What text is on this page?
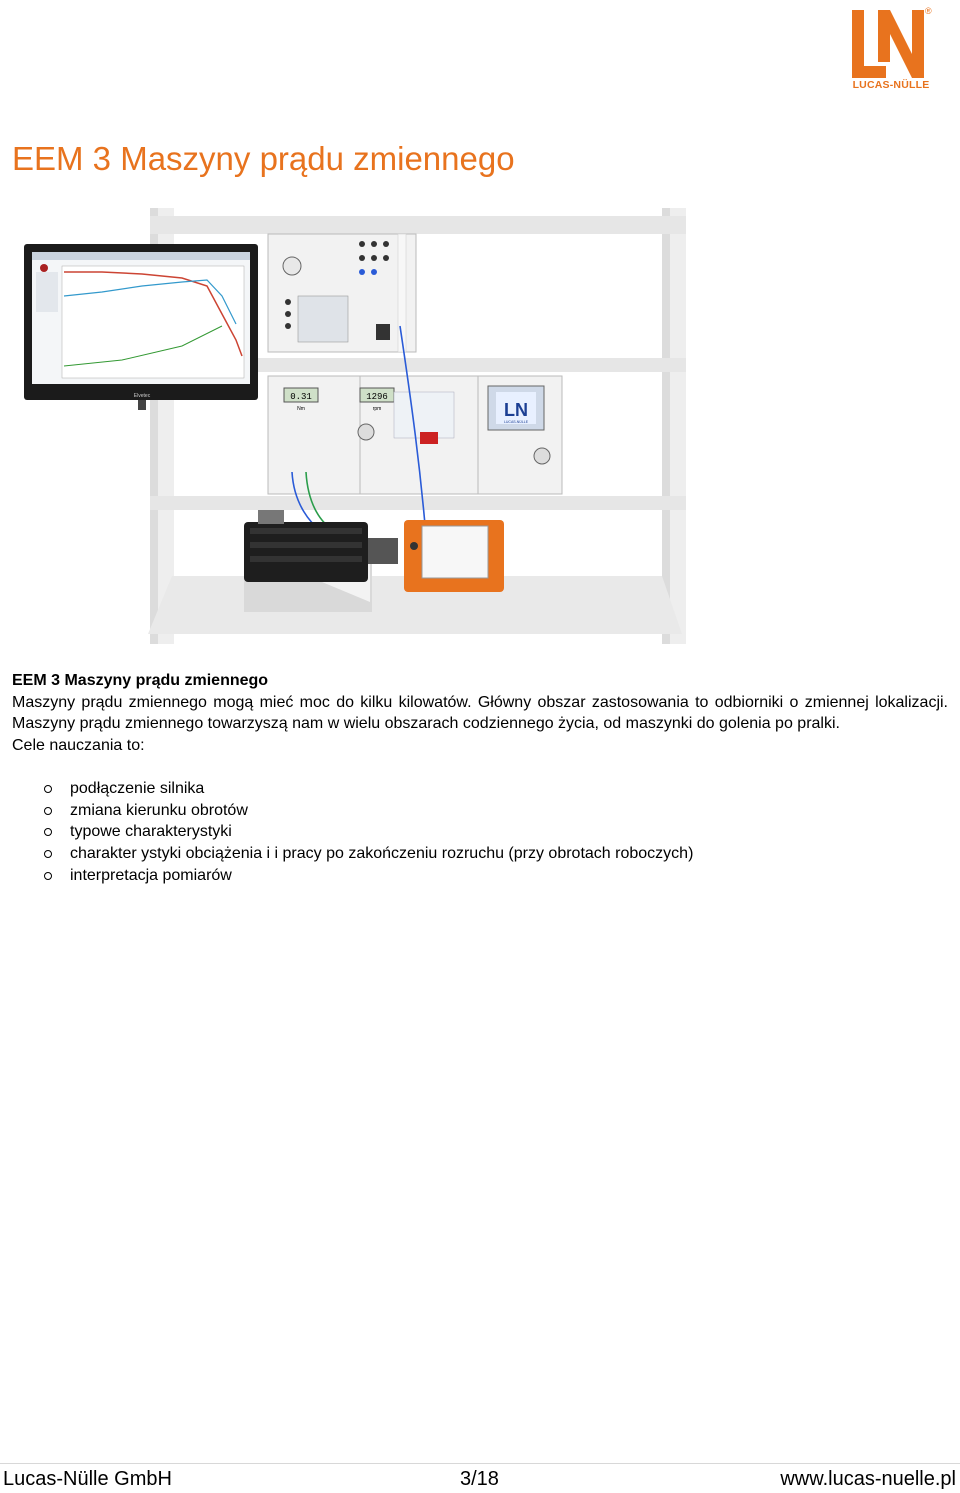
®
LUCAS-NÜLLE
EEM 3 Maszyny prądu zmiennego
Elvetec	0.31
Nm
1296
rpm	LN
LUCAS-NÜLLE

EEM 3 Maszyny prądu zmiennego

Maszyny prądu zmiennego mogą mieć moc do kilku kilowatów. Główny obszar zastosowania to odbiorniki o zmiennej lokalizacji. Maszyny prądu zmiennego towarzyszą nam w wielu obszarach codziennego życia, od maszynki do golenia po pralki.

Cele nauczania to:

podłączenie silnika
zmiana kierunku obrotów
typowe charakterystyki
charakter ystyki obciążenia i i pracy po zakończeniu rozruchu (przy obrotach roboczych)
interpretacja pomiarów
Lucas-Nülle GmbH	3/18	www.lucas-nuelle.pl
